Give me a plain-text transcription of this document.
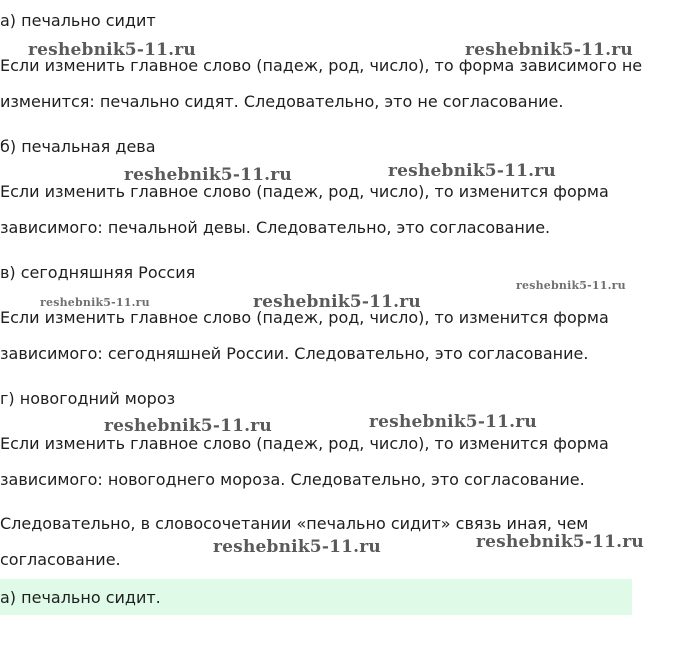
а) печально сидит

Если изменить главное слово (падеж, род, число), то форма зависимого не изменится: печально сидят. Следовательно, это не согласование.

б) печальная дева

Если изменить главное слово (падеж, род, число), то изменится форма зависимого: печальной девы. Следовательно, это согласование.

в) сегодняшняя Россия

Если изменить главное слово (падеж, род, число), то изменится форма зависимого: сегодняшней России. Следовательно, это согласование.

г) новогодний мороз

Если изменить главное слово (падеж, род, число), то изменится форма зависимого: новогоднего мороза. Следовательно, это согласование.

Следовательно, в словосочетании «печально сидит» связь иная, чем согласование.

а) печально сидит.
reshebnik5-11.ru	reshebnik5-11.ru
reshebnik5-11.ru	reshebnik5-11.ru
reshebnik5-11.ru	reshebnik5-11.ru
reshebnik5-11.ru
reshebnik5-11.ru	reshebnik5-11.ru
reshebnik5-11.ru	reshebnik5-11.ru
